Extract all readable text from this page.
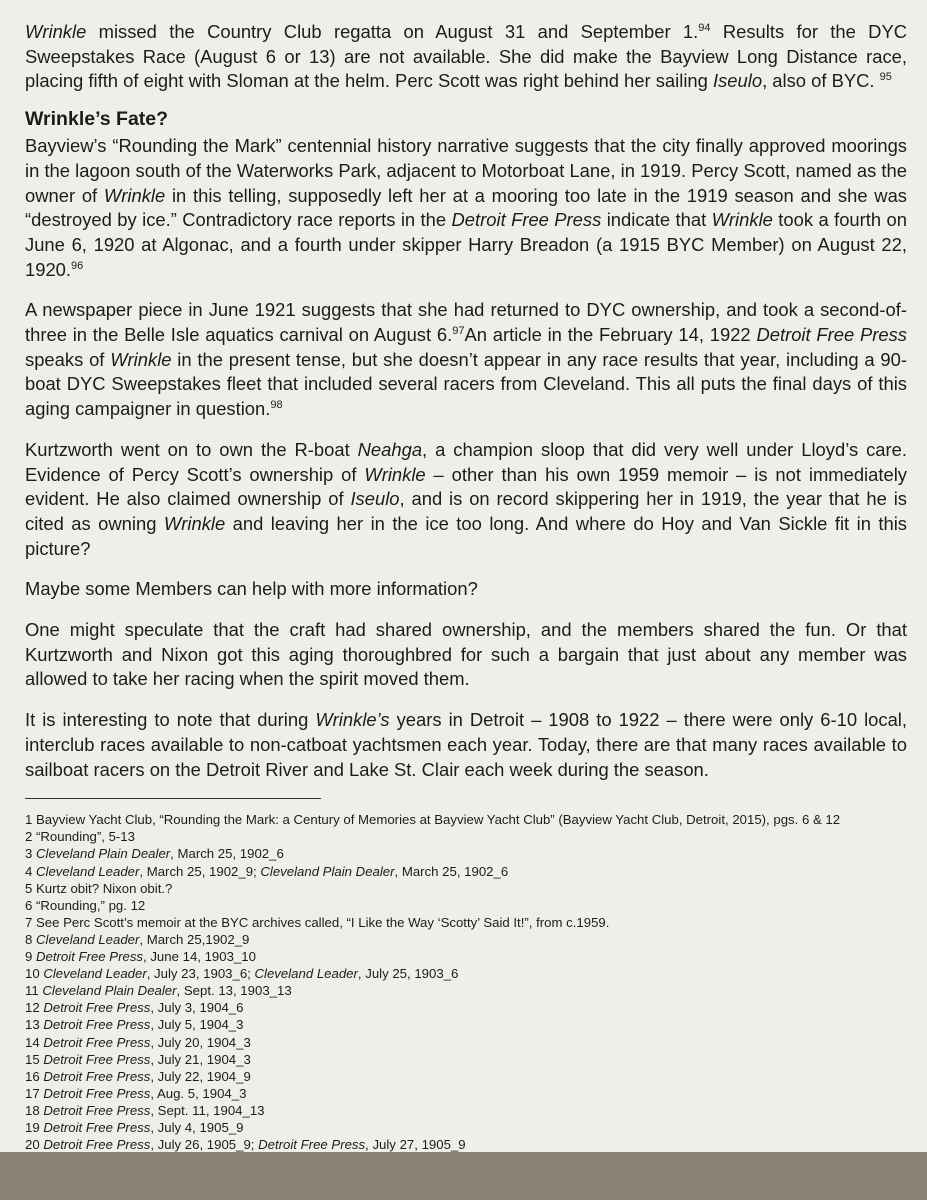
Wrinkle missed the Country Club regatta on August 31 and September 1.94 Results for the DYC Sweepstakes Race (August 6 or 13) are not available. She did make the Bayview Long Distance race, placing fifth of eight with Sloman at the helm. Perc Scott was right behind her sailing Iseulo, also of BYC. $^{95}$

Wrinkle’s Fate?

Bayview’s “Rounding the Mark” centennial history narrative suggests that the city finally approved moorings in the lagoon south of the Waterworks Park, adjacent to Motorboat Lane, in 1919. Percy Scott, named as the owner of Wrinkle in this telling, supposedly left her at a mooring too late in the 1919 season and she was “destroyed by ice.” Contradictory race reports in the Detroit Free Press indicate that Wrinkle took a fourth on June 6, 1920 at Algonac, and a fourth under skipper Harry Breadon (a 1915 BYC Member) on August 22, 1920.96

A newspaper piece in June 1921 suggests that she had returned to DYC ownership, and took a second-of-three in the Belle Isle aquatics carnival on August 6.97An article in the February 14, 1922 Detroit Free Press speaks of Wrinkle in the present tense, but she doesn’t appear in any race results that year, including a 90-boat DYC Sweepstakes fleet that included several racers from Cleveland. This all puts the final days of this aging campaigner in question.$^{98}$

Kurtzworth went on to own the R-boat Neahga, a champion sloop that did very well under Lloyd’s care. Evidence of Percy Scott’s ownership of Wrinkle – other than his own 1959 memoir – is not immediately evident. He also claimed ownership of Iseulo, and is on record skippering her in 1919, the year that he is cited as owning Wrinkle and leaving her in the ice too long. And where do Hoy and Van Sickle fit in this picture?

Maybe some Members can help with more information?

One might speculate that the craft had shared ownership, and the members shared the fun. Or that Kurtzworth and Nixon got this aging thoroughbred for such a bargain that just about any member was allowed to take her racing when the spirit moved them.

It is interesting to note that during Wrinkle’s years in Detroit – 1908 to 1922 – there were only 6-10 local, interclub races available to non-catboat yachtsmen each year. Today, there are that many races available to sailboat racers on the Detroit River and Lake St. Clair each week during the season.

1 Bayview Yacht Club, “Rounding the Mark: a Century of Memories at Bayview Yacht Club” (Bayview Yacht Club, Detroit, 2015), pgs. 6 & 12

2 “Rounding”, 5-13

3 Cleveland Plain Dealer, March 25, 1902_6

4 Cleveland Leader, March 25, 1902_9; Cleveland Plain Dealer, March 25, 1902_6

5 Kurtz obit? Nixon obit.?

6 “Rounding,” pg. 12

7 See Perc Scott’s memoir at the BYC archives called, “I Like the Way ‘Scotty’ Said It!”, from c.1959.

8 Cleveland Leader, March 25,1902_9

9 Detroit Free Press, June 14, 1903_10

10 Cleveland Leader, July 23, 1903_6; Cleveland Leader, July 25, 1903_6

11 Cleveland Plain Dealer, Sept. 13, 1903_13

12 Detroit Free Press, July 3, 1904_6

13 Detroit Free Press, July 5, 1904_3

14 Detroit Free Press, July 20, 1904_3

15 Detroit Free Press, July 21, 1904_3

16 Detroit Free Press, July 22, 1904_9

17 Detroit Free Press, Aug. 5, 1904_3

18 Detroit Free Press, Sept. 11, 1904_13

19 Detroit Free Press, July 4, 1905_9

20 Detroit Free Press, July 26, 1905_9; Detroit Free Press, July 27, 1905_9
